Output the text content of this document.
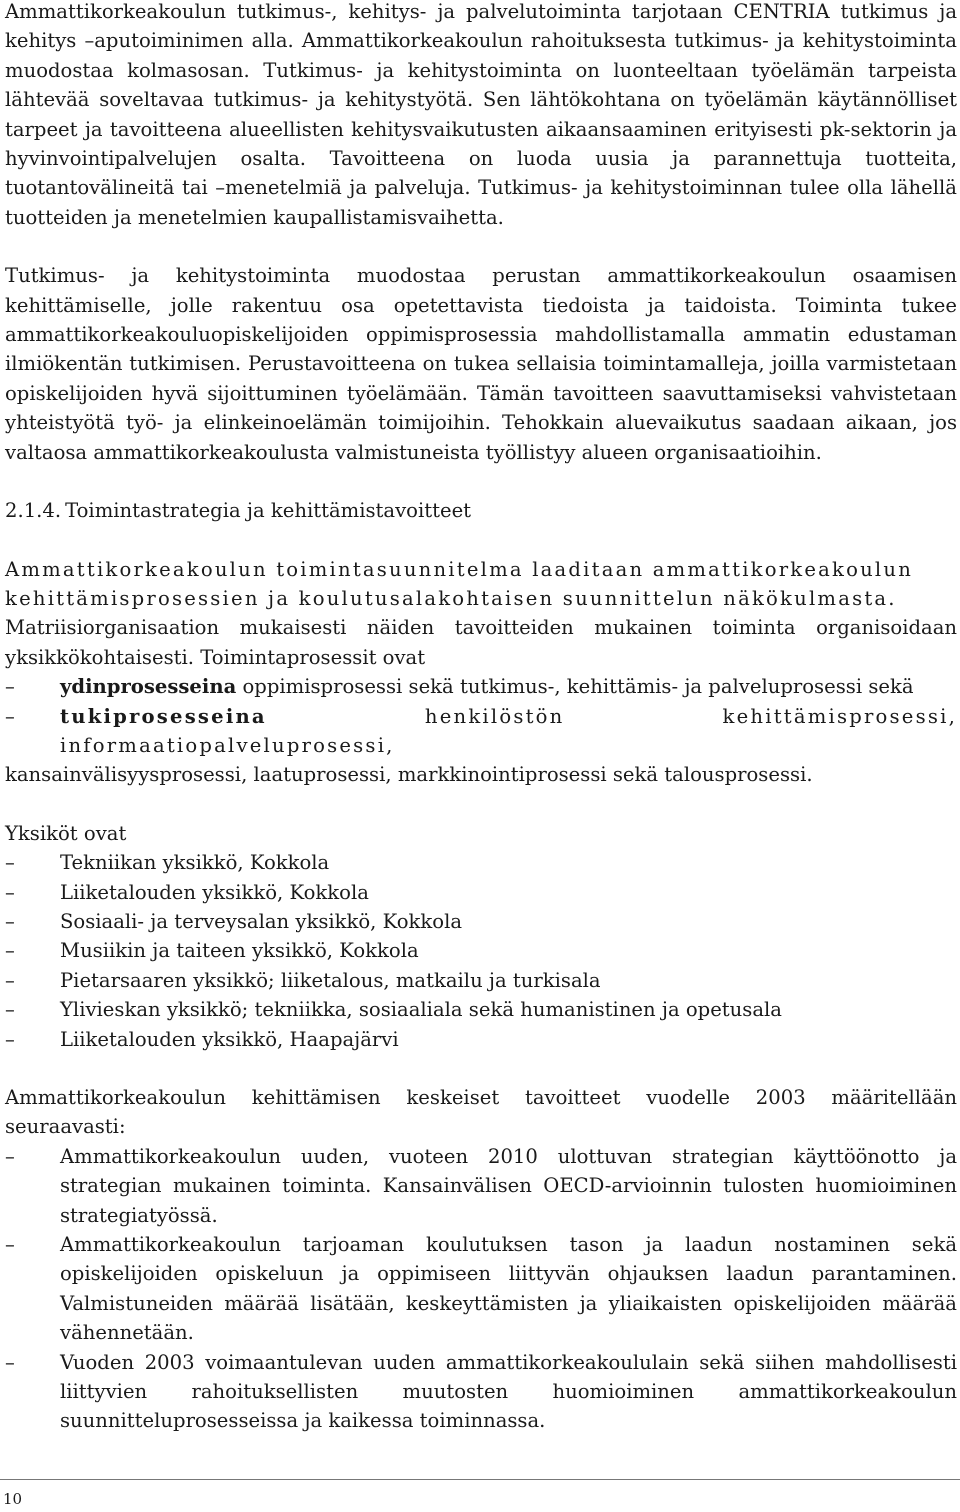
Ammattikorkeakoulun tutkimus-, kehitys- ja palvelutoiminta tarjotaan CENTRIA tutkimus ja kehitys –aputoiminimen alla. Ammattikorkeakoulun rahoituksesta tutkimus- ja kehitystoiminta muodostaa kolmasosan. Tutkimus- ja kehitystoiminta on luonteeltaan työelämän tarpeista lähtevää soveltavaa tutkimus- ja kehitystyötä. Sen lähtökohtana on työelämän käytännölliset tarpeet ja tavoitteena alueellisten kehitysvaikutusten aikaansaaminen erityisesti pk-sektorin ja hyvinvointipalvelujen osalta. Tavoitteena on luoda uusia ja parannettuja tuotteita, tuotantovälineitä tai –menetelmiä ja palveluja. Tutkimus- ja kehitystoiminnan tulee olla lähellä tuotteiden ja menetelmien kaupallistamisvaihetta.

Tutkimus- ja kehitystoiminta muodostaa perustan ammattikorkeakoulun osaamisen kehittämiselle, jolle rakentuu osa opetettavista tiedoista ja taidoista. Toiminta tukee ammattikorkeakouluopiskelijoiden oppimisprosessia mahdollistamalla ammatin edustaman ilmiökentän tutkimisen. Perustavoitteena on tukea sellaisia toimintamalleja, joilla varmistetaan opiskelijoiden hyvä sijoittuminen työelämään. Tämän tavoitteen saavuttamiseksi vahvistetaan yhteistyötä työ- ja elinkeinoelämän toimijoihin. Tehokkain aluevaikutus saadaan aikaan, jos valtaosa ammattikorkeakoulusta valmistuneista työllistyy alueen organisaatioihin.

2.1.4. Toimintastrategia ja kehittämistavoitteet

Ammattikorkeakoulun toimintasuunnitelma laaditaan ammattikorkeakoulun

kehittämisprosessien ja koulutusalakohtaisen suunnittelun näkökulmasta.

Matriisiorganisaation mukaisesti näiden tavoitteiden mukainen toiminta organisoidaan yksikkökohtaisesti. Toimintaprosessit ovat

– ydinprosesseina oppimisprosessi sekä tutkimus-, kehittämis- ja palveluprosessi sekä
– tukiprosesseina henkilöstön kehittämisprosessi, informaatiopalveluprosessi,

kansainvälisyysprosessi, laatuprosessi, markkinointiprosessi sekä talousprosessi.

Yksiköt ovat

– Tekniikan yksikkö, Kokkola
– Liiketalouden yksikkö, Kokkola
– Sosiaali- ja terveysalan yksikkö, Kokkola
– Musiikin ja taiteen yksikkö, Kokkola
– Pietarsaaren yksikkö; liiketalous, matkailu ja turkisala
– Ylivieskan yksikkö; tekniikka, sosiaaliala sekä humanistinen ja opetusala
– Liiketalouden yksikkö, Haapajärvi

Ammattikorkeakoulun kehittämisen keskeiset tavoitteet vuodelle 2003 määritellään seuraavasti:

– Ammattikorkeakoulun uuden, vuoteen 2010 ulottuvan strategian käyttöönotto ja strategian mukainen toiminta. Kansainvälisen OECD-arvioinnin tulosten huomioiminen strategiatyössä.
– Ammattikorkeakoulun tarjoaman koulutuksen tason ja laadun nostaminen sekä opiskelijoiden opiskeluun ja oppimiseen liittyvän ohjauksen laadun parantaminen. Valmistuneiden määrää lisätään, keskeyttämisten ja yliaikaisten opiskelijoiden määrää vähennetään.
– Vuoden 2003 voimaantulevan uuden ammattikorkeakoululain sekä siihen mahdollisesti liittyvien rahoituksellisten muutosten huomioiminen ammattikorkeakoulun suunnitteluprosesseissa ja kaikessa toiminnassa.
10
